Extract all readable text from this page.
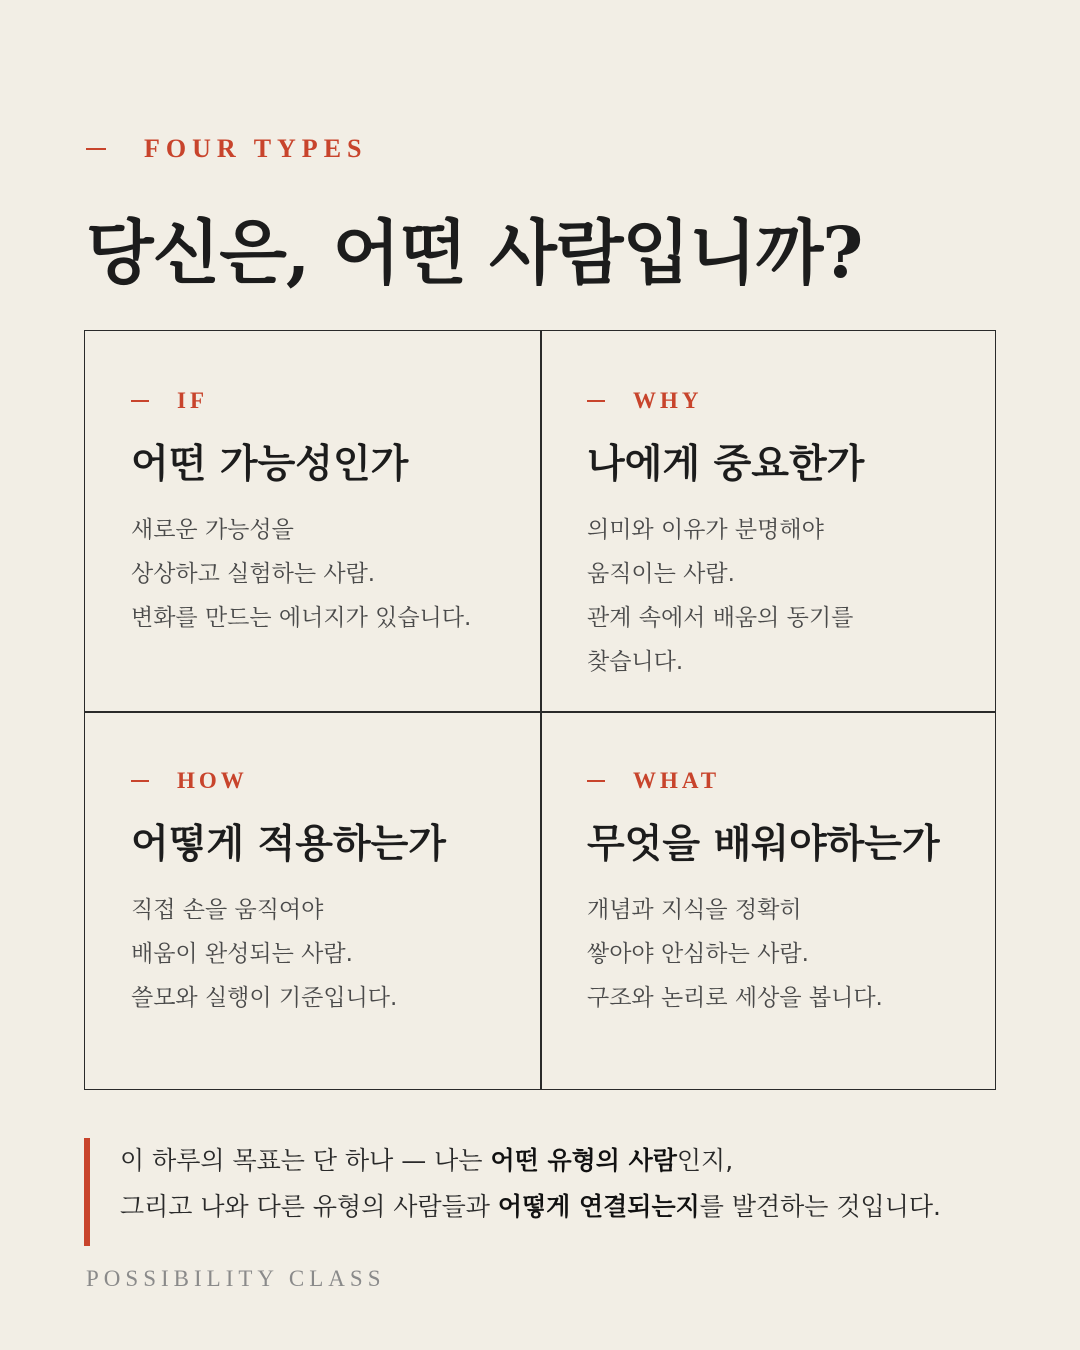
FOUR TYPES
당신은, 어떤 사람입니까?
IF
어떤 가능성인가
새로운 가능성을
상상하고 실험하는 사람.
변화를 만드는 에너지가 있습니다.
WHY
나에게 중요한가
의미와 이유가 분명해야
움직이는 사람.
관계 속에서 배움의 동기를
찾습니다.
HOW
어떻게 적용하는가
직접 손을 움직여야
배움이 완성되는 사람.
쓸모와 실행이 기준입니다.
WHAT
무엇을 배워야하는가
개념과 지식을 정확히
쌓아야 안심하는 사람.
구조와 논리로 세상을 봅니다.
이 하루의 목표는 단 하나 — 나는 어떤 유형의 사람인지,
그리고 나와 다른 유형의 사람들과 어떻게 연결되는지를 발견하는 것입니다.
POSSIBILITY CLASS
